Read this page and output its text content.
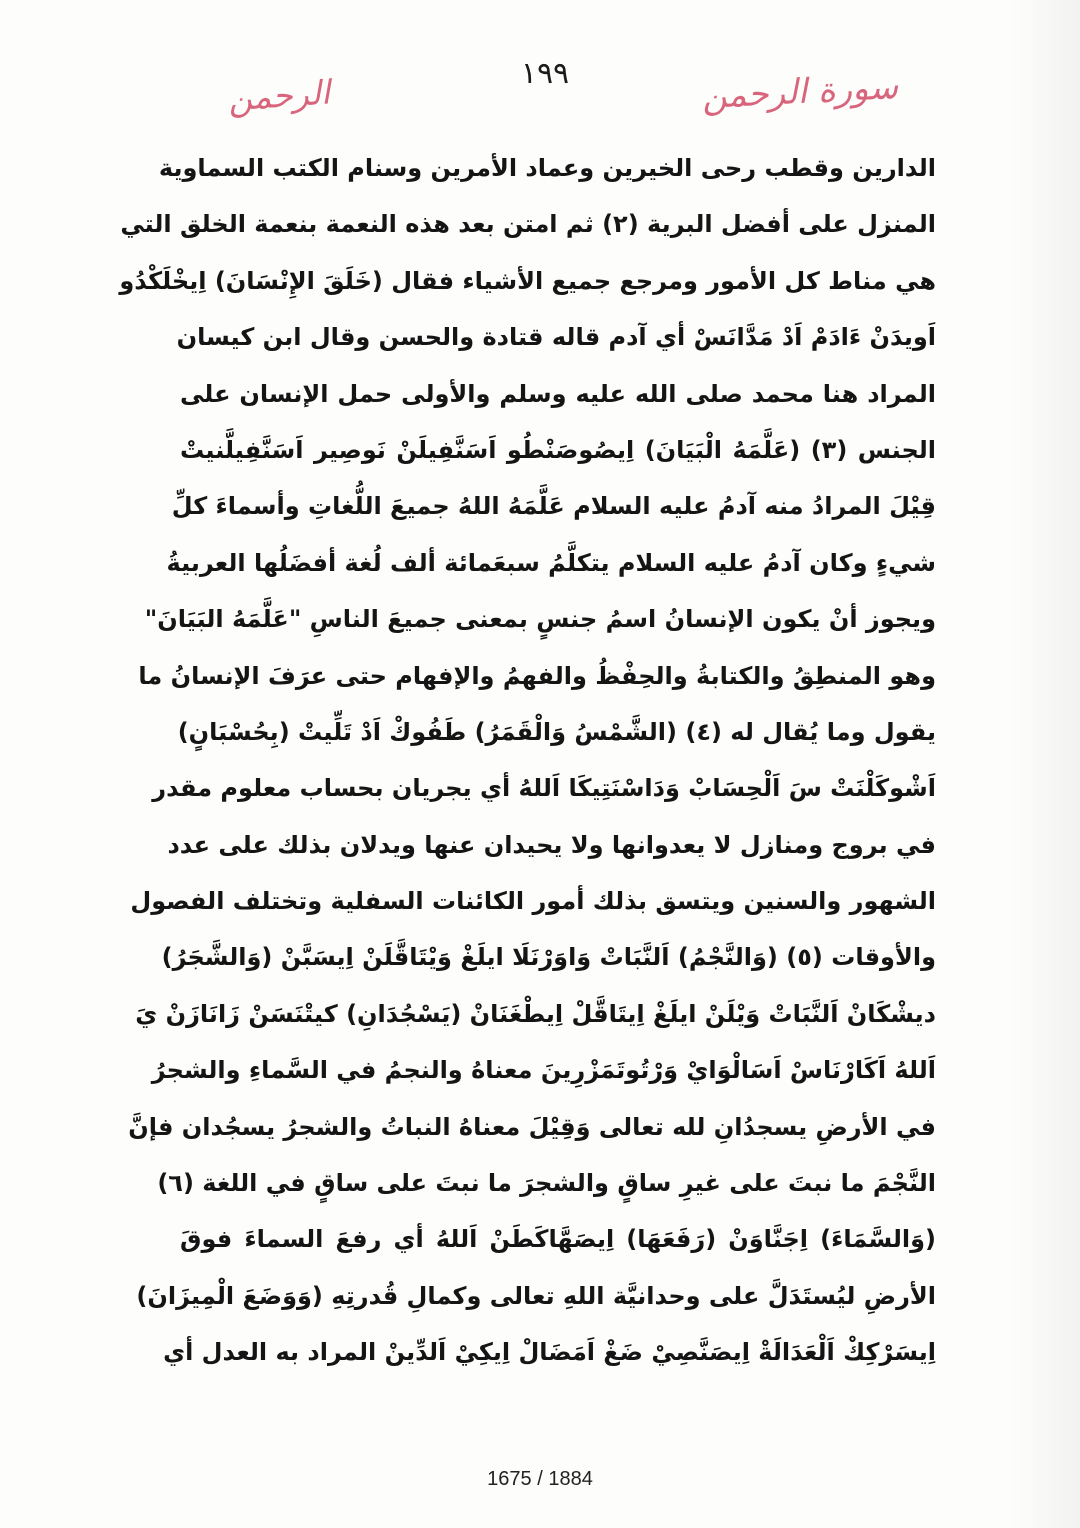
الرحمن	١٩٩	سورة الرحمن
الدارين وقطب رحى الخيرين وعماد الأمرين وسنام الكتب السماوية
المنزل على أفضل البرية (٢) ثم امتن بعد هذه النعمة بنعمة الخلق التي
هي مناط كل الأمور ومرجع جميع الأشياء فقال (خَلَقَ الإِنْسَانَ) اِيخْلَكْدُو
اَويدَنْ ءَادَمْ اَدْ مَدَّانَسْ أي آدم قاله قتادة والحسن وقال ابن كيسان
المراد هنا محمد صلى الله عليه وسلم والأولى حمل الإنسان على
الجنس (٣) (عَلَّمَهُ الْبَيَانَ) اِيصُوصَنْطُو اَسَنَّفِيلَنْ نَوصِير اَسَنَّفِيلَّنيتْ
قِيْلَ المرادُ منه آدمُ عليه السلام عَلَّمَهُ اللهُ جميعَ اللُّغاتِ وأسماءَ كلِّ
شيءٍ وكان آدمُ عليه السلام يتكلَّمُ سبعَمائة ألف لُغة أفضَلُها العربيةُ
ويجوز أنْ يكون الإنسانُ اسمُ جنسٍ بمعنى جميعَ الناسِ "عَلَّمَهُ البَيَانَ"
وهو المنطِقُ والكتابةُ والحِفْظُ والفهمُ والإفهام حتى عرَفَ الإنسانُ ما
يقول وما يُقال له (٤) (الشَّمْسُ وَالْقَمَرُ) طَفُوكْ اَدْ تَلِّيتْ (بِحُسْبَانٍ)
اَشْوكَلْنَتْ سَ اَلْحِسَابْ وَدَاسْنَتِيكَا اَللهُ أي يجريان بحساب معلوم مقدر
في بروج ومنازل لا يعدوانها ولا يحيدان عنها ويدلان بذلك على عدد
الشهور والسنين ويتسق بذلك أمور الكائنات السفلية وتختلف الفصول
والأوقات (٥) (وَالنَّجْمُ) اَلنَّبَاتْ وَاوَرْنَلَا ايلَغْ وَيْتَاقَّلَنْ اِيسَبَّنْ (وَالشَّجَرُ)
ديشْكَانْ اَلنَّبَاتْ وَيْلَنْ ايلَغْ اِيتَاقَّلْ اِيطْغَنَانْ (يَسْجُدَانِ) كيتْنَسَنْ زَانَازَنْ يَ
اَللهُ اَكَارْنَاسْ اَسَالْوَايْ وَرْتُوتَمَزْرِينَ معناهُ والنجمُ في السَّماءِ والشجرُ
في الأرضِ يسجدُانِ لله تعالى وَقِيْلَ معناهُ النباتُ والشجرُ يسجُدان فإنَّ
النَّجْمَ ما نبتَ على غيرِ ساقٍ والشجرَ ما نبتَ على ساقٍ في اللغة (٦)
(وَالسَّمَاءَ) اِجَنَّاوَنْ (رَفَعَهَا) اِيصَهَّاكَطَنْ اَللهُ أي رفعَ السماءَ فوقَ
الأرضِ ليُستَدَلَّ على وحدانيَّة اللهِ تعالى وكمالِ قُدرتِهِ (وَوَضَعَ الْمِيزَانَ)
اِيسَرْكِكْ اَلْعَدَالَةْ اِيصَنَّصِيْ ضَغْ اَمَضَالْ اِيكِيْ اَلدِّينْ المراد به العدل أي
1675 / 1884
